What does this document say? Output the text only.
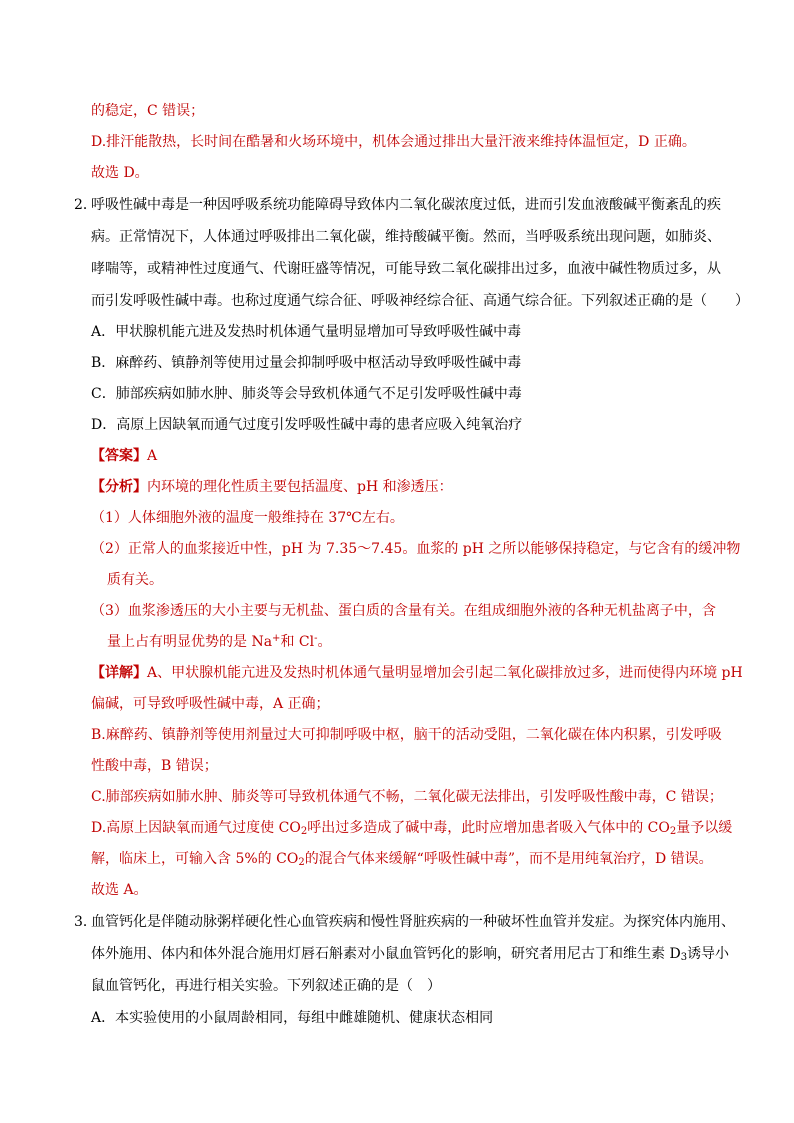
的稳定，C 错误；
D.排汗能散热，长时间在酷暑和火场环境中，机体会通过排出大量汗液来维持体温恒定，D 正确。
故选 D。
2．
呼吸性碱中毒是一种因呼吸系统功能障碍导致体内二氧化碳浓度过低，进而引发血液酸碱平衡紊乱的疾
病。正常情况下，人体通过呼吸排出二氧化碳，维持酸碱平衡。然而，当呼吸系统出现问题，如肺炎、
哮喘等，或精神性过度通气、代谢旺盛等情况，可能导致二氧化碳排出过多，血液中碱性物质过多，从
而引发呼吸性碱中毒。也称过度通气综合征、呼吸神经综合征、高通气综合征。下列叙述正确的是（　　）
A．甲状腺机能亢进及发热时机体通气量明显增加可导致呼吸性碱中毒
B．麻醉药、镇静剂等使用过量会抑制呼吸中枢活动导致呼吸性碱中毒
C．肺部疾病如肺水肿、肺炎等会导致机体通气不足引发呼吸性碱中毒
D．高原上因缺氧而通气过度引发呼吸性碱中毒的患者应吸入纯氧治疗
【答案】A
【分析】内环境的理化性质主要包括温度、pH 和渗透压：
（1）人体细胞外液的温度一般维持在 37℃左右。
（2）正常人的血浆接近中性，pH 为 7.35～7.45。血浆的 pH 之所以能够保持稳定，与它含有的缓冲物
质有关。
（3）血浆渗透压的大小主要与无机盐、蛋白质的含量有关。在组成细胞外液的各种无机盐离子中，含
量上占有明显优势的是 Na+和 Cl-。
【详解】A、甲状腺机能亢进及发热时机体通气量明显增加会引起二氧化碳排放过多，进而使得内环境 pH
偏碱，可导致呼吸性碱中毒，A 正确；
B.麻醉药、镇静剂等使用剂量过大可抑制呼吸中枢，脑干的活动受阻，二氧化碳在体内积累，引发呼吸
性酸中毒，B 错误；
C.肺部疾病如肺水肿、肺炎等可导致机体通气不畅，二氧化碳无法排出，引发呼吸性酸中毒，C 错误；
D.高原上因缺氧而通气过度使 $CO_2$呼出过多造成了碱中毒，此时应增加患者吸入气体中的 $CO_2$量予以缓
解，临床上，可输入含 5%的 $CO_2$的混合气体来缓解“呼吸性碱中毒”，而不是用纯氧治疗，D 错误。
故选 A。
3．
血管钙化是伴随动脉粥样硬化性心血管疾病和慢性肾脏疾病的一种破坏性血管并发症。为探究体内施用、
体外施用、体内和体外混合施用灯唇石斛素对小鼠血管钙化的影响，研究者用尼古丁和维生素 $D_3$诱导小
鼠血管钙化，再进行相关实验。下列叙述正确的是（　）
A．本实验使用的小鼠周龄相同，每组中雌雄随机、健康状态相同
